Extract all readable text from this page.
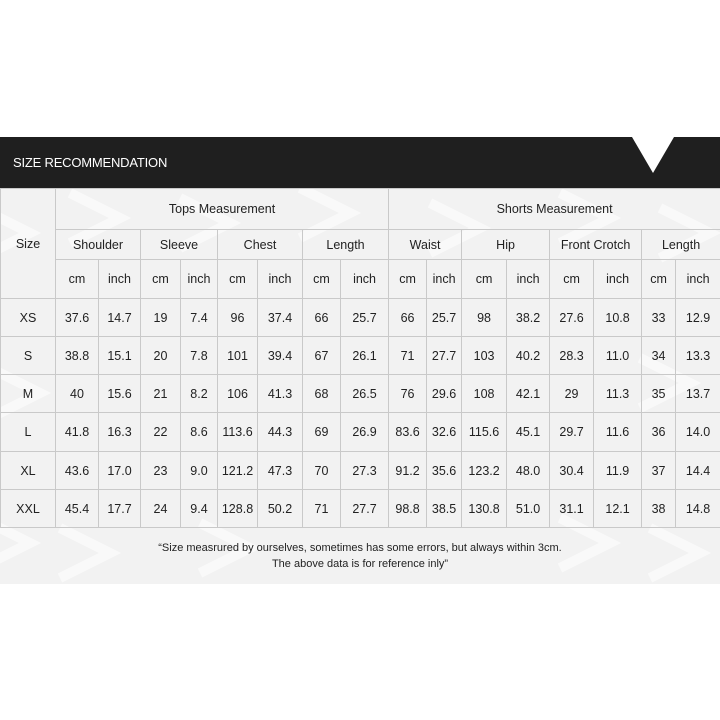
SIZE RECOMMENDATION
Size	Tops Measurement								Shorts Measurement							
	Shoulder		Sleeve		Chest		Length		Waist		Hip		Front Crotch		Length	
	cm	inch	cm	inch	cm	inch	cm	inch	cm	inch	cm	inch	cm	inch	cm	inch
XS	37.6	14.7	19	7.4	96	37.4	66	25.7	66	25.7	98	38.2	27.6	10.8	33	12.9
S	38.8	15.1	20	7.8	101	39.4	67	26.1	71	27.7	103	40.2	28.3	11.0	34	13.3
M	40	15.6	21	8.2	106	41.3	68	26.5	76	29.6	108	42.1	29	11.3	35	13.7
L	41.8	16.3	22	8.6	113.6	44.3	69	26.9	83.6	32.6	115.6	45.1	29.7	11.6	36	14.0
XL	43.6	17.0	23	9.0	121.2	47.3	70	27.3	91.2	35.6	123.2	48.0	30.4	11.9	37	14.4
XXL	45.4	17.7	24	9.4	128.8	50.2	71	27.7	98.8	38.5	130.8	51.0	31.1	12.1	38	14.8
“Size measrured by ourselves, sometimes has some errors, but always within 3cm.
The above data is for reference inly”
